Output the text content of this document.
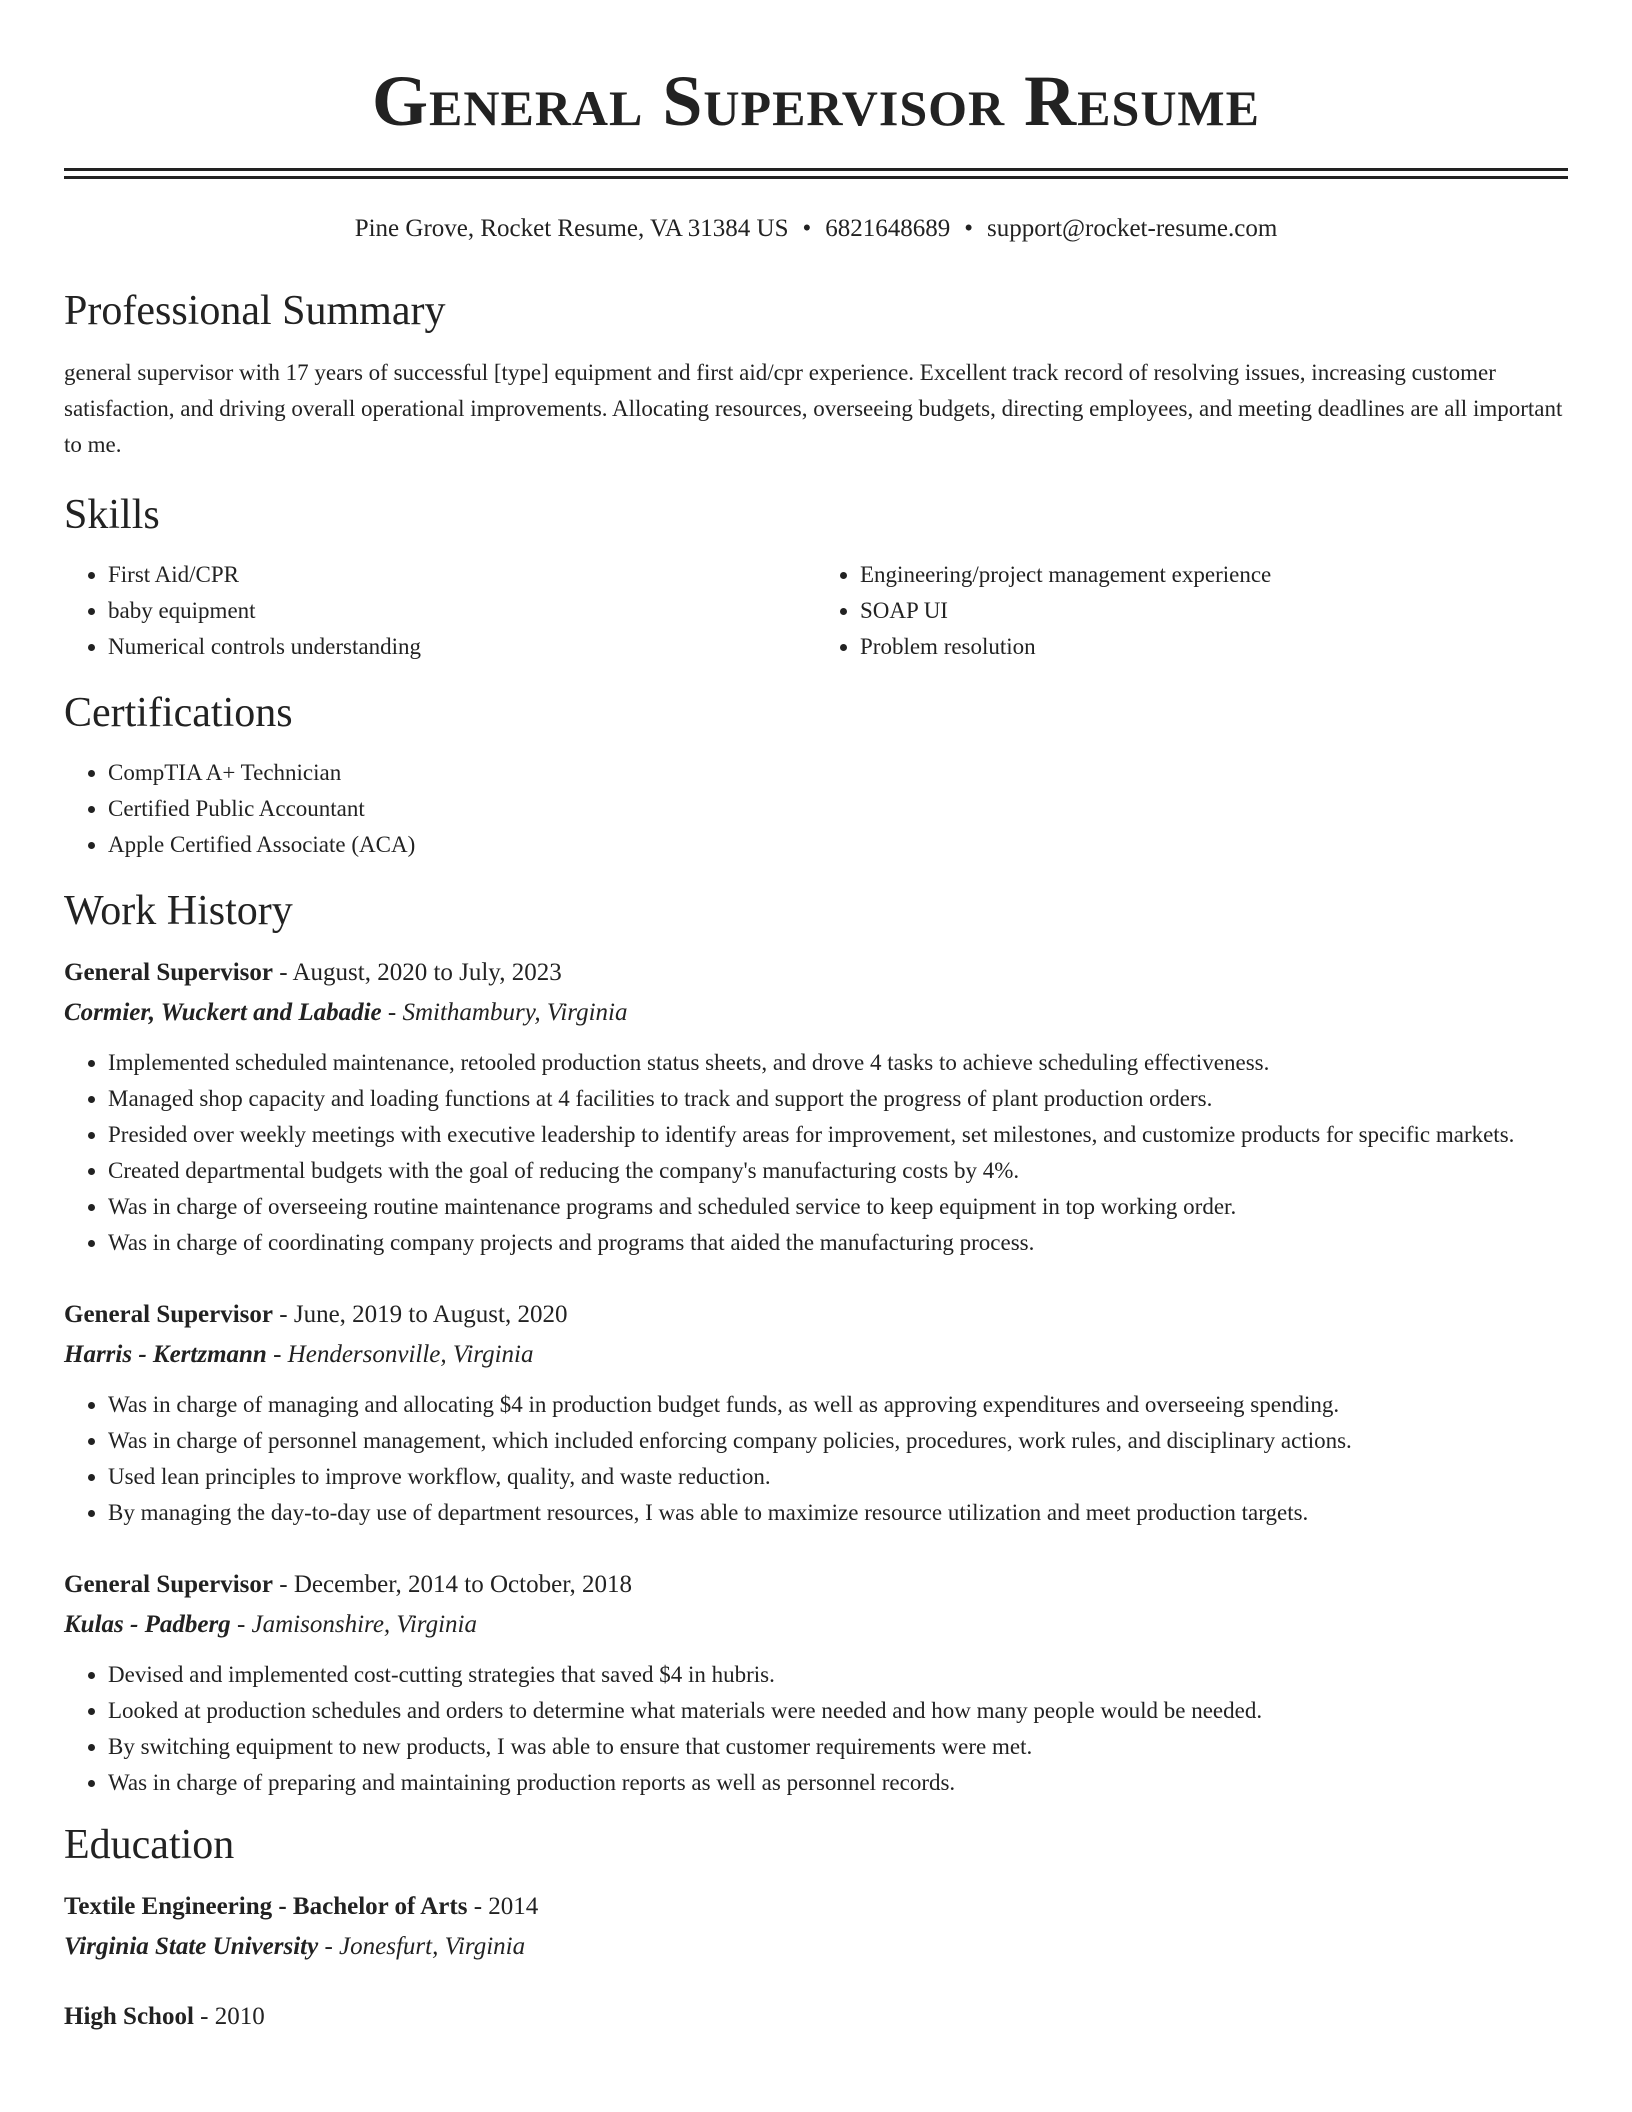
General Supervisor Resume
Pine Grove, Rocket Resume, VA 31384 US • 6821648689 • support@rocket-resume.com
Professional Summary

general supervisor with 17 years of successful [type] equipment and first aid/cpr experience. Excellent track record of resolving issues, increasing customer satisfaction, and driving overall operational improvements. Allocating resources, overseeing budgets, directing employees, and meeting deadlines are all important to me.

Skills
• First Aid/CPR
• baby equipment
• Numerical controls understanding
• Engineering/project management experience
• SOAP UI
• Problem resolution
Certifications
• CompTIA A+ Technician
• Certified Public Accountant
• Apple Certified Associate (ACA)
Work History
General Supervisor - August, 2020 to July, 2023
Cormier, Wuckert and Labadie - Smithambury, Virginia
• Implemented scheduled maintenance, retooled production status sheets, and drove 4 tasks to achieve scheduling effectiveness.
• Managed shop capacity and loading functions at 4 facilities to track and support the progress of plant production orders.
• Presided over weekly meetings with executive leadership to identify areas for improvement, set milestones, and customize products for specific markets.
• Created departmental budgets with the goal of reducing the company's manufacturing costs by 4%.
• Was in charge of overseeing routine maintenance programs and scheduled service to keep equipment in top working order.
• Was in charge of coordinating company projects and programs that aided the manufacturing process.
General Supervisor - June, 2019 to August, 2020
Harris - Kertzmann - Hendersonville, Virginia
• Was in charge of managing and allocating $4 in production budget funds, as well as approving expenditures and overseeing spending.
• Was in charge of personnel management, which included enforcing company policies, procedures, work rules, and disciplinary actions.
• Used lean principles to improve workflow, quality, and waste reduction.
• By managing the day-to-day use of department resources, I was able to maximize resource utilization and meet production targets.
General Supervisor - December, 2014 to October, 2018
Kulas - Padberg - Jamisonshire, Virginia
• Devised and implemented cost-cutting strategies that saved $4 in hubris.
• Looked at production schedules and orders to determine what materials were needed and how many people would be needed.
• By switching equipment to new products, I was able to ensure that customer requirements were met.
• Was in charge of preparing and maintaining production reports as well as personnel records.
Education
Textile Engineering - Bachelor of Arts - 2014
Virginia State University - Jonesfurt, Virginia
High School - 2010
